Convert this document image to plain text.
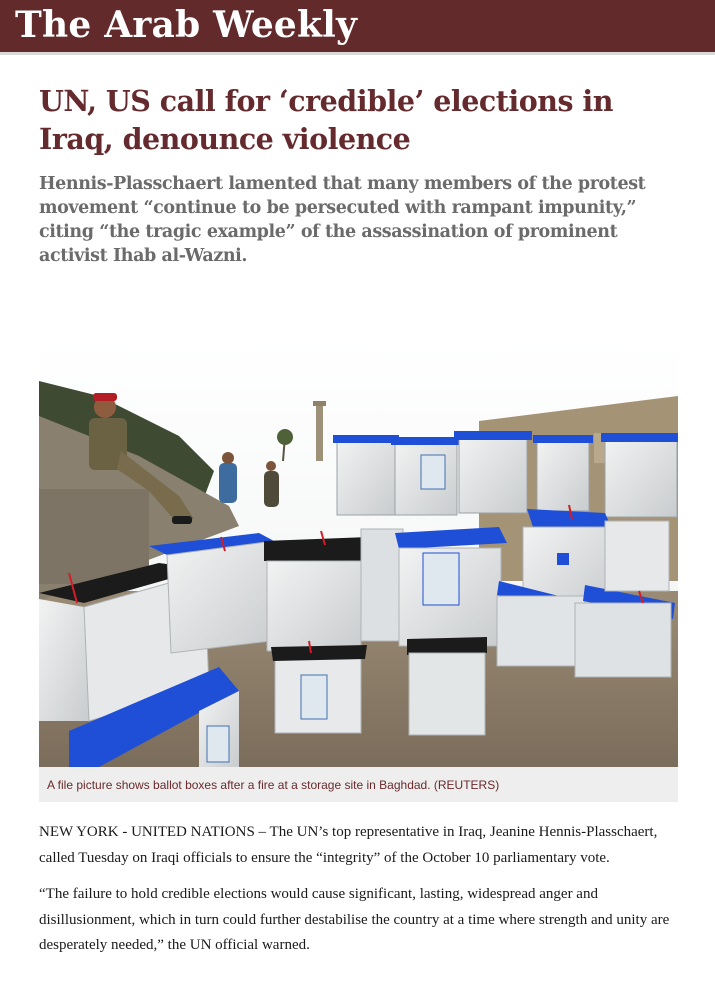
The Arab Weekly
UN, US call for ‘credible’ elections in Iraq, denounce violence

Hennis-Plasschaert lamented that many members of the protest movement “continue to be persecuted with rampant impunity,” citing “the tragic example” of the assassination of prominent activist Ihab al-Wazni.

A file picture shows ballot boxes after a fire at a storage site in Baghdad. (REUTERS)

NEW YORK - UNITED NATIONS – The UN’s top representative in Iraq, Jeanine Hennis-Plasschaert, called Tuesday on Iraqi officials to ensure the “integrity” of the October 10 parliamentary vote.

“The failure to hold credible elections would cause significant, lasting, widespread anger and disillusionment, which in turn could further destabilise the country at a time where strength and unity are desperately needed,” the UN official warned.
